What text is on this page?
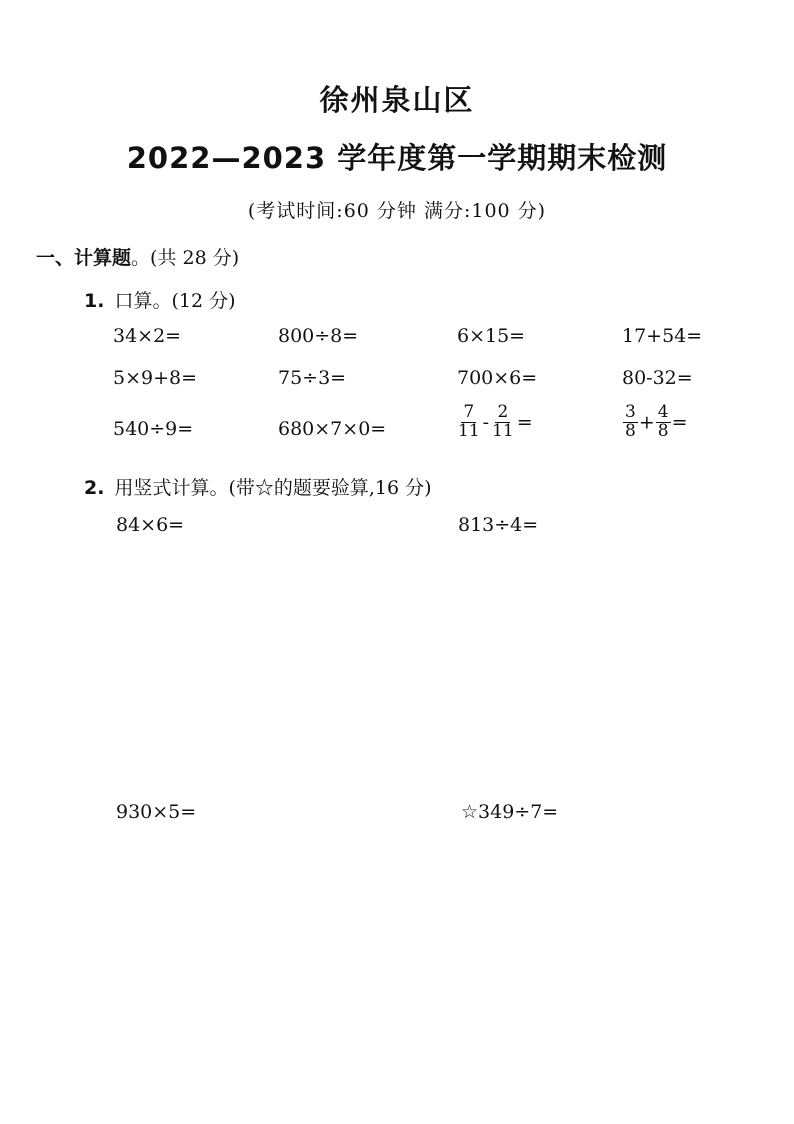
徐州泉山区
2022—2023 学年度第一学期期末检测
(考试时间:60 分钟 满分:100 分)
一、计算题。(共 28 分)
1. 口算。(12 分)
34×2=	800÷8=	6×15=	17+54=
5×9+8=	75÷3=	700×6=	80-32=
540÷9=	680×7×0=	$\frac{7}{11} - \frac{2}{11}$ =	$\frac{3}{8} + \frac{4}{8}$ =
2. 用竖式计算。(带☆的题要验算,16 分)
84×6=	813÷4=
930×5=	☆349÷7=
